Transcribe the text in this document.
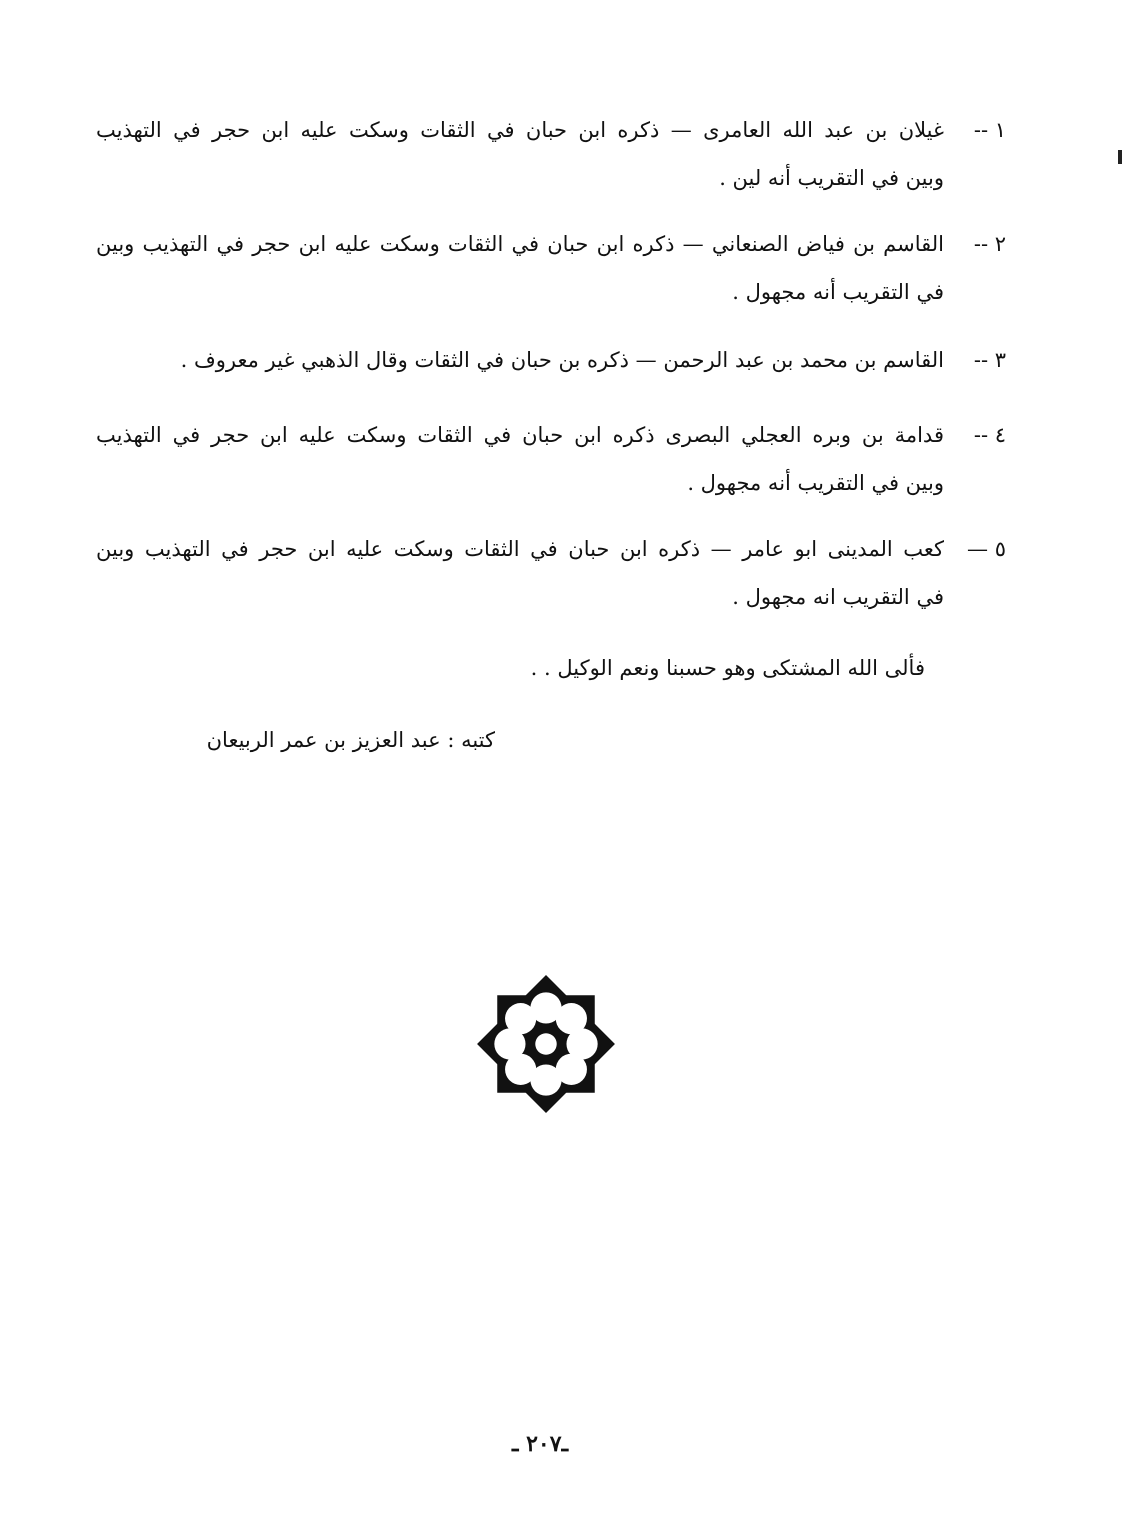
١ --
غيلان بن عبد الله العامرى — ذكره ابن حبان في الثقات وسكت عليه ابن حجر في التهذيب
وبين في التقريب أنه لين .
٢ --
القاسم بن فياض الصنعاني — ذكره ابن حبان في الثقات وسكت عليه ابن حجر في التهذيب وبين
في التقريب أنه مجهول .
٣ --
القاسم بن محمد بن عبد الرحمن — ذكره بن حبان في الثقات وقال الذهبي غير معروف .
٤ --
قدامة بن وبره العجلي البصرى ذكره ابن حبان في الثقات وسكت عليه ابن حجر في التهذيب
وبين في التقريب أنه مجهول .
٥ —
كعب المدينى ابو عامر — ذكره ابن حبان في الثقات وسكت عليه ابن حجر في التهذيب وبين
في التقريب انه مجهول .
فألى الله المشتكى وهو حسبنا ونعم الوكيل . .
كتبه : عبد العزيز بن عمر الربيعان
ـ٢٠٧ ـ
